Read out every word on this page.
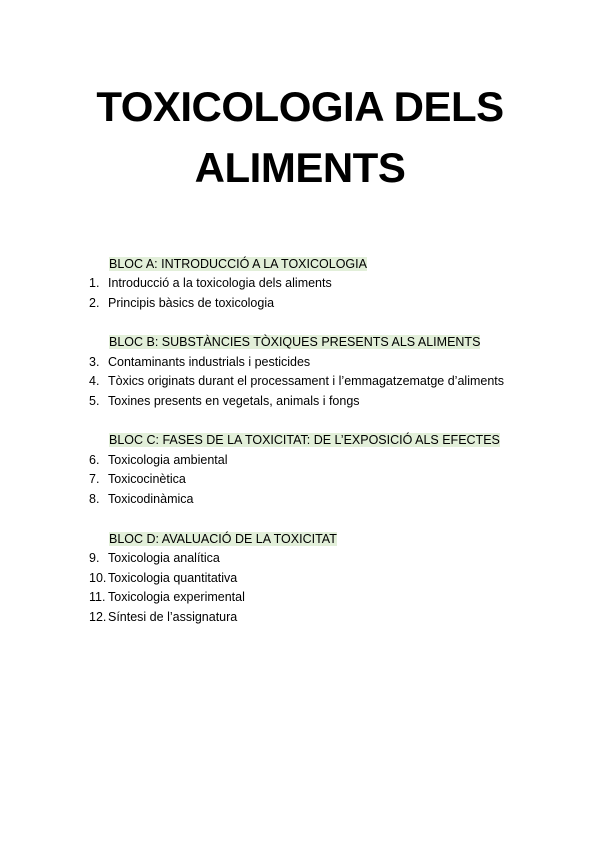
TOXICOLOGIA DELS
ALIMENTS
BLOC A: INTRODUCCIÓ A LA TOXICOLOGIA
1. Introducció a la toxicologia dels aliments
2. Principis bàsics de toxicologia
BLOC B: SUBSTÀNCIES TÒXIQUES PRESENTS ALS ALIMENTS
3. Contaminants industrials i pesticides
4. Tòxics originats durant el processament i l’emmagatzematge d’aliments
5. Toxines presents en vegetals, animals i fongs
BLOC C: FASES DE LA TOXICITAT: DE L’EXPOSICIÓ ALS EFECTES
6. Toxicologia ambiental
7. Toxicocinètica
8. Toxicodinàmica
BLOC D: AVALUACIÓ DE LA TOXICITAT
9. Toxicologia analítica
10. Toxicologia quantitativa
11. Toxicologia experimental
12. Síntesi de l’assignatura
